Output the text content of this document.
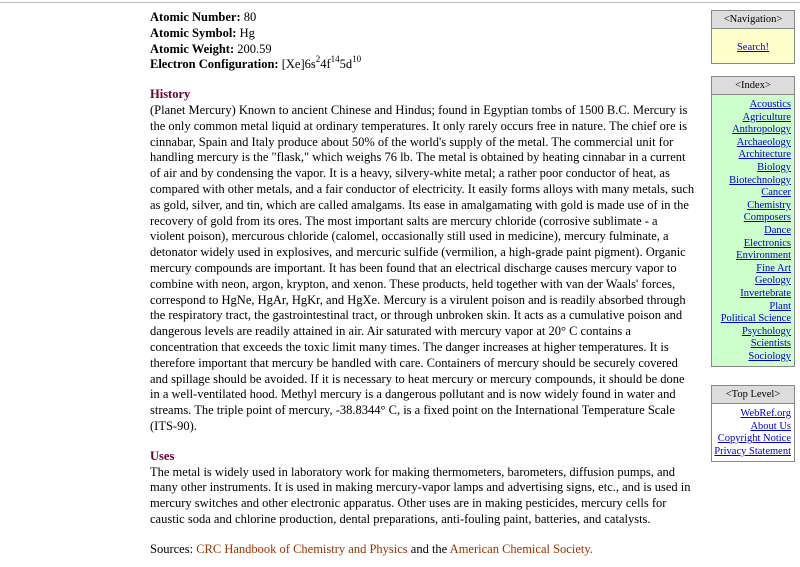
Atomic Number: 80
Atomic Symbol: Hg
Atomic Weight: 200.59
Electron Configuration: $[Xe]6s^24f^{14}5d^{10}$
History

(Planet Mercury) Known to ancient Chinese and Hindus; found in Egyptian tombs of 1500 B.C. Mercury is the only common metal liquid at ordinary temperatures. It only rarely occurs free in nature. The chief ore is cinnabar, Spain and Italy produce about 50% of the world's supply of the metal. The commercial unit for handling mercury is the "flask," which weighs 76 lb. The metal is obtained by heating cinnabar in a current of air and by condensing the vapor. It is a heavy, silvery-white metal; a rather poor conductor of heat, as compared with other metals, and a fair conductor of electricity. It easily forms alloys with many metals, such as gold, silver, and tin, which are called amalgams. Its ease in amalgamating with gold is made use of in the recovery of gold from its ores. The most important salts are mercury chloride (corrosive sublimate - a violent poison), mercurous chloride (calomel, occasionally still used in medicine), mercury fulminate, a detonator widely used in explosives, and mercuric sulfide (vermilion, a high-grade paint pigment). Organic mercury compounds are important. It has been found that an electrical discharge causes mercury vapor to combine with neon, argon, krypton, and xenon. These products, held together with van der Waals' forces, correspond to HgNe, HgAr, HgKr, and HgXe. Mercury is a virulent poison and is readily absorbed through the respiratory tract, the gastrointestinal tract, or through unbroken skin. It acts as a cumulative poison and dangerous levels are readily attained in air. Air saturated with mercury vapor at 20° C contains a concentration that exceeds the toxic limit many times. The danger increases at higher temperatures. It is therefore important that mercury be handled with care. Containers of mercury should be securely covered and spillage should be avoided. If it is necessary to heat mercury or mercury compounds, it should be done in a well-ventilated hood. Methyl mercury is a dangerous pollutant and is now widely found in water and streams. The triple point of mercury, -38.8344° C, is a fixed point on the International Temperature Scale (ITS-90).

Uses

The metal is widely used in laboratory work for making thermometers, barometers, diffusion pumps, and many other instruments. It is used in making mercury-vapor lamps and advertising signs, etc., and is used in mercury switches and other electronic apparatus. Other uses are in making pesticides, mercury cells for caustic soda and chlorine production, dental preparations, anti-fouling paint, batteries, and catalysts.

Sources: CRC Handbook of Chemistry and Physics and the American Chemical Society.
<Navigation>
Search!
<Index>
Acoustics
Agriculture
Anthropology
Archaeology
Architecture
Biology
Biotechnology
Cancer
Chemistry
Composers
Dance
Electronics
Environment
Fine Art
Geology
Invertebrate
Plant
Political Science
Psychology
Scientists
Sociology
<Top Level>
WebRef.org
About Us
Copyright Notice
Privacy Statement
